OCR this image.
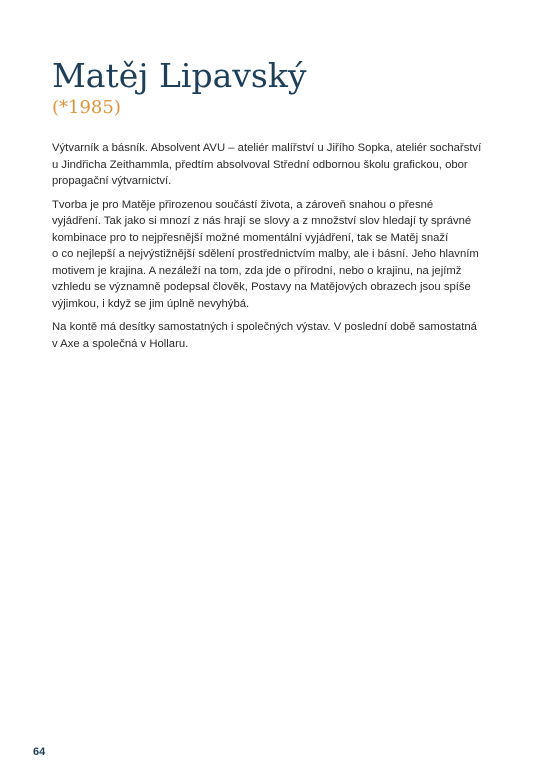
Matěj Lipavský
(*1985)

Výtvarník a básník. Absolvent AVU – ateliér malířství u Jiřího Sopka, ateliér sochařství
u Jindřicha Zeithammla, předtím absolvoval Střední odbornou školu grafickou, obor
propagační výtvarnictví.

Tvorba je pro Matěje přirozenou součástí života, a zároveň snahou o přesné
vyjádření. Tak jako si mnozí z nás hrají se slovy a z množství slov hledají ty správné
kombinace pro to nejpřesnější možné momentální vyjádření, tak se Matěj snaží
o co nejlepší a nejvýstižnější sdělení prostřednictvím malby, ale i básní. Jeho hlavním
motivem je krajina. A nezáleží na tom, zda jde o přírodní, nebo o krajinu, na jejímž
vzhledu se významně podepsal člověk, Postavy na Matějových obrazech jsou spíše
výjimkou, i když se jim úplně nevyhýbá.

Na kontě má desítky samostatných i společných výstav. V poslední době samostatná
v Axe a společná v Hollaru.

64
